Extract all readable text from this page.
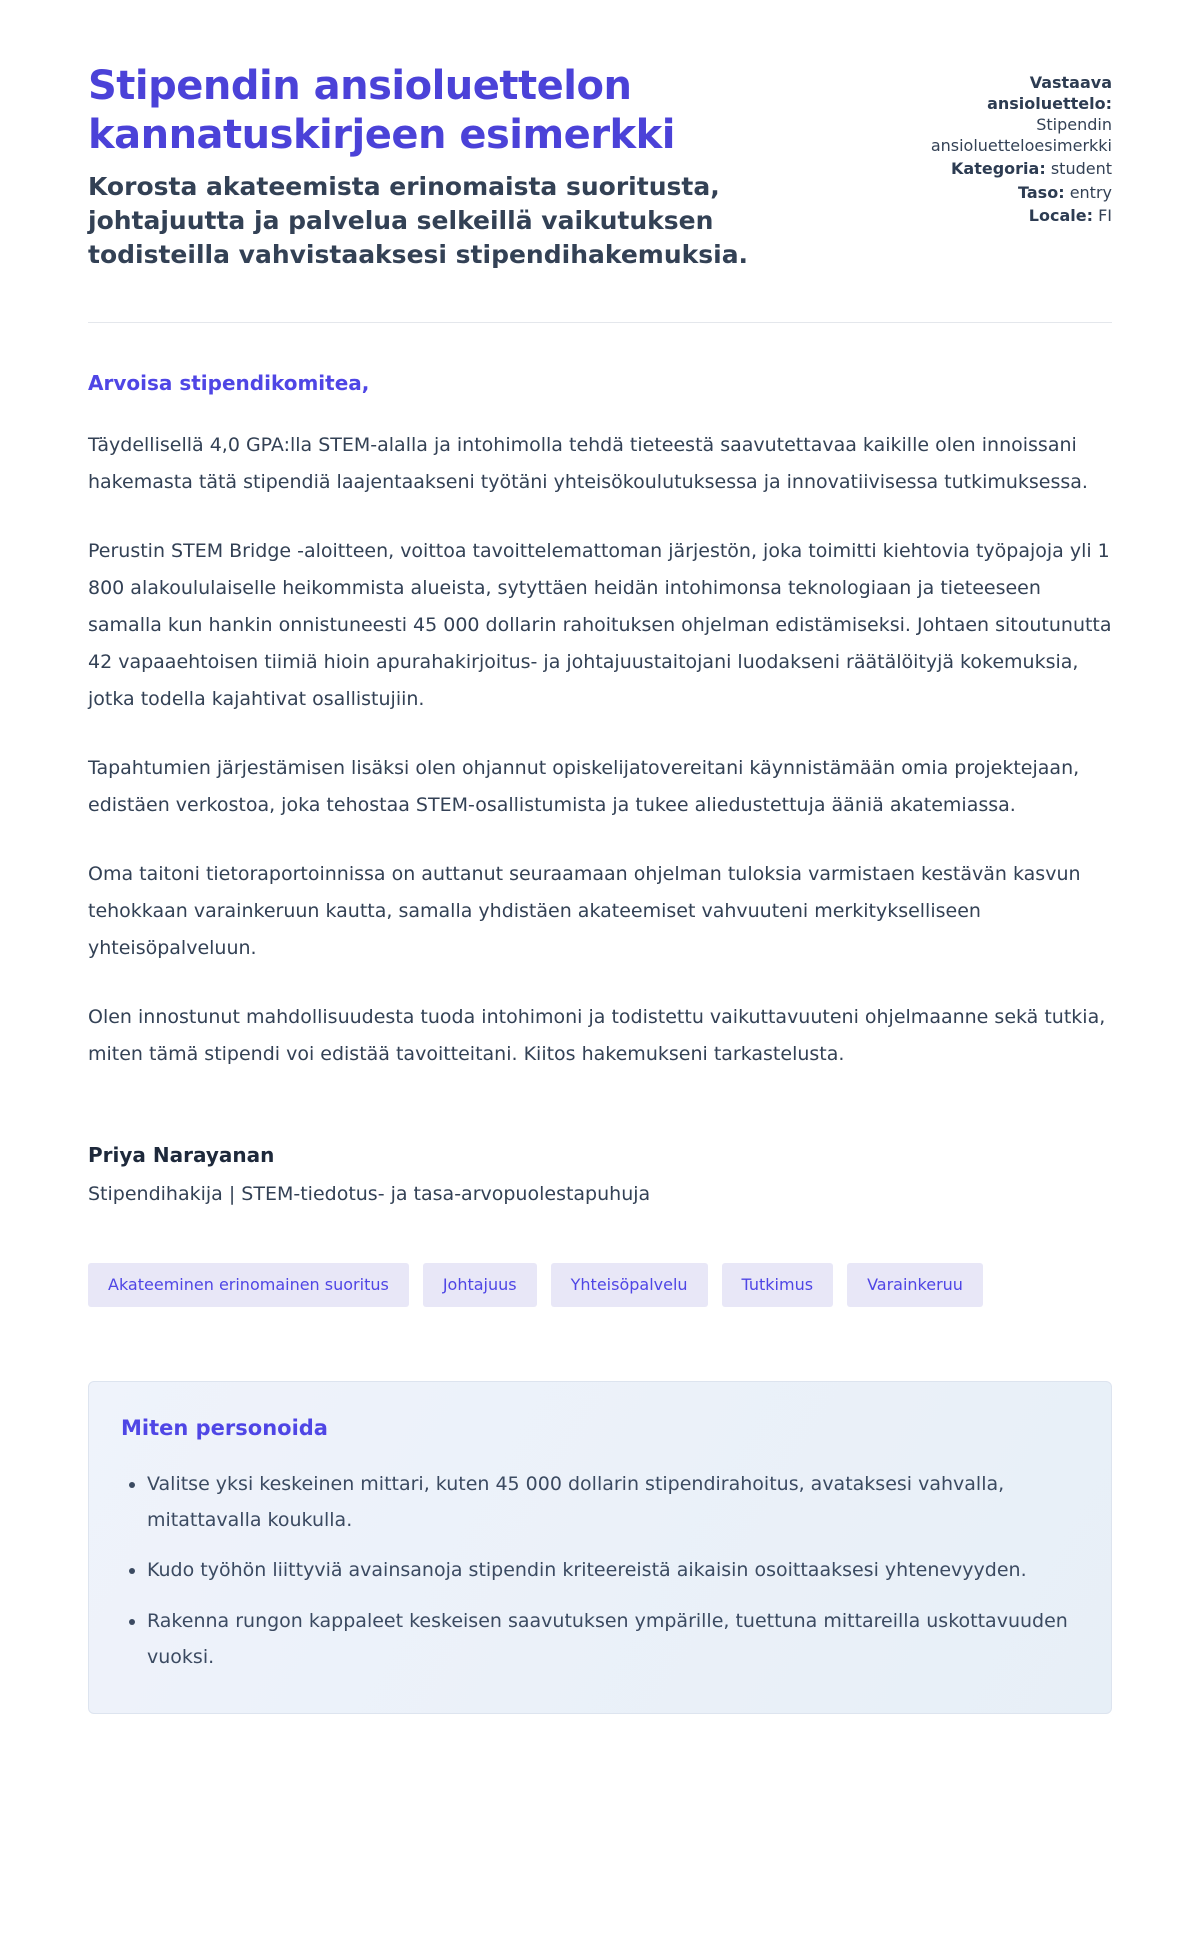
Stipendin ansioluettelon kannatuskirjeen esimerkki

Korosta akateemista erinomaista suoritusta, johtajuutta ja palvelua selkeillä vaikutuksen todisteilla vahvistaaksesi stipendihakemuksia.

Vastaava ansioluettelo: Stipendin ansioluetteloesimerkki
Kategoria: student
Taso: entry
Locale: FI

Arvoisa stipendikomitea,

Täydellisellä 4,0 GPA:lla STEM-alalla ja intohimolla tehdä tieteestä saavutettavaa kaikille olen innoissani hakemasta tätä stipendiä laajentaakseni työtäni yhteisökoulutuksessa ja innovatiivisessa tutkimuksessa.

Perustin STEM Bridge -aloitteen, voittoa tavoittelemattoman järjestön, joka toimitti kiehtovia työpajoja yli 1 800 alakoululaiselle heikommista alueista, sytyttäen heidän intohimonsa teknologiaan ja tieteeseen samalla kun hankin onnistuneesti 45 000 dollarin rahoituksen ohjelman edistämiseksi. Johtaen sitoutunutta 42 vapaaehtoisen tiimiä hioin apurahakirjoitus- ja johtajuustaitojani luodakseni räätälöityjä kokemuksia, jotka todella kajahtivat osallistujiin.

Tapahtumien järjestämisen lisäksi olen ohjannut opiskelijatovereitani käynnistämään omia projektejaan, edistäen verkostoa, joka tehostaa STEM-osallistumista ja tukee aliedustettuja ääniä akatemiassa.

Oma taitoni tietoraportoinnissa on auttanut seuraamaan ohjelman tuloksia varmistaen kestävän kasvun tehokkaan varainkeruun kautta, samalla yhdistäen akateemiset vahvuuteni merkitykselliseen yhteisöpalveluun.

Olen innostunut mahdollisuudesta tuoda intohimoni ja todistettu vaikuttavuuteni ohjelmaanne sekä tutkia, miten tämä stipendi voi edistää tavoitteitani. Kiitos hakemukseni tarkastelusta.

Priya Narayanan

Stipendihakija | STEM-tiedotus- ja tasa-arvopuolestapuhuja

Akateeminen erinomainen suoritus	Johtajuus	Yhteisöpalvelu	Tutkimus	Varainkeruu
Miten personoida
• Valitse yksi keskeinen mittari, kuten 45 000 dollarin stipendirahoitus, avataksesi vahvalla, mitattavalla koukulla.
• Kudo työhön liittyviä avainsanoja stipendin kriteereistä aikaisin osoittaaksesi yhtenevyyden.
• Rakenna rungon kappaleet keskeisen saavutuksen ympärille, tuettuna mittareilla uskottavuuden vuoksi.
